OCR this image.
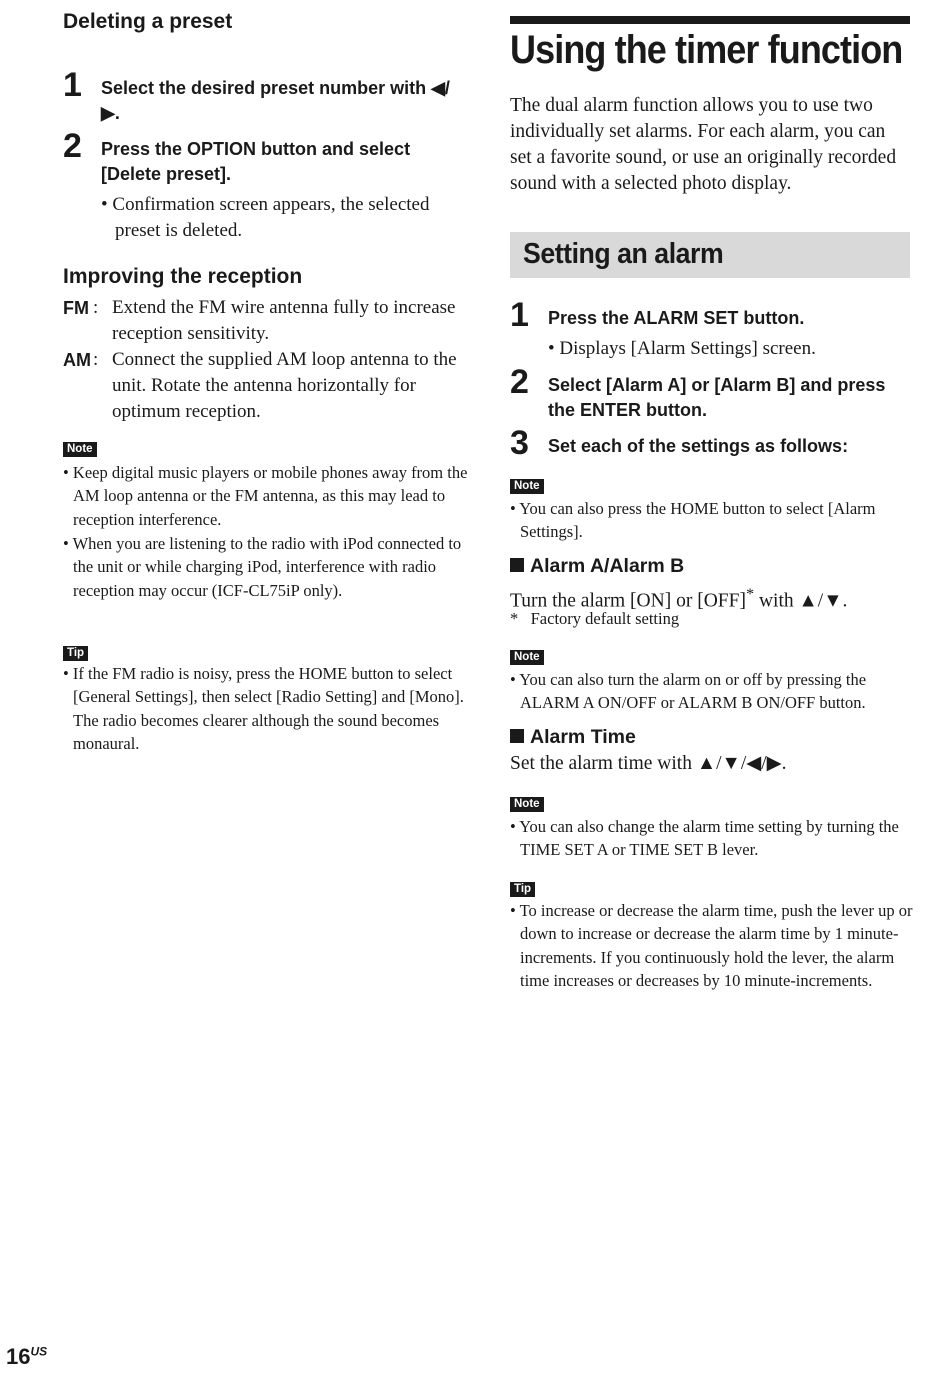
Deleting a preset
1 Select the desired preset number with ◀/▶.
2 Press the OPTION button and select [Delete preset].
• Confirmation screen appears, the selected preset is deleted.
Improving the reception
FM : Extend the FM wire antenna fully to increase reception sensitivity.
AM : Connect the supplied AM loop antenna to the unit. Rotate the antenna horizontally for optimum reception.
Note
• Keep digital music players or mobile phones away from the AM loop antenna or the FM antenna, as this may lead to reception interference.
• When you are listening to the radio with iPod connected to the unit or while charging iPod, interference with radio reception may occur (ICF-CL75iP only).
Tip
• If the FM radio is noisy, press the HOME button to select [General Settings], then select [Radio Setting] and [Mono]. The radio becomes clearer although the sound becomes monaural.
Using the timer function

The dual alarm function allows you to use two individually set alarms. For each alarm, you can set a favorite sound, or use an originally recorded sound with a selected photo display.

Setting an alarm
1 Press the ALARM SET button.
• Displays [Alarm Settings] screen.
2 Select [Alarm A] or [Alarm B] and press the ENTER button.
3 Set each of the settings as follows:
Note
• You can also press the HOME button to select [Alarm Settings].
Alarm A/Alarm B

Turn the alarm [ON] or [OFF]* with ▲/▼.

*  Factory default setting
Note
• You can also turn the alarm on or off by pressing the ALARM A ON/OFF or ALARM B ON/OFF button.
Alarm Time

Set the alarm time with ▲/▼/◀/▶.

Note
• You can also change the alarm time setting by turning the TIME SET A or TIME SET B lever.
Tip
• To increase or decrease the alarm time, push the lever up or down to increase or decrease the alarm time by 1 minute-increments. If you continuously hold the lever, the alarm time increases or decreases by 10 minute-increments.
$16^{US}$
